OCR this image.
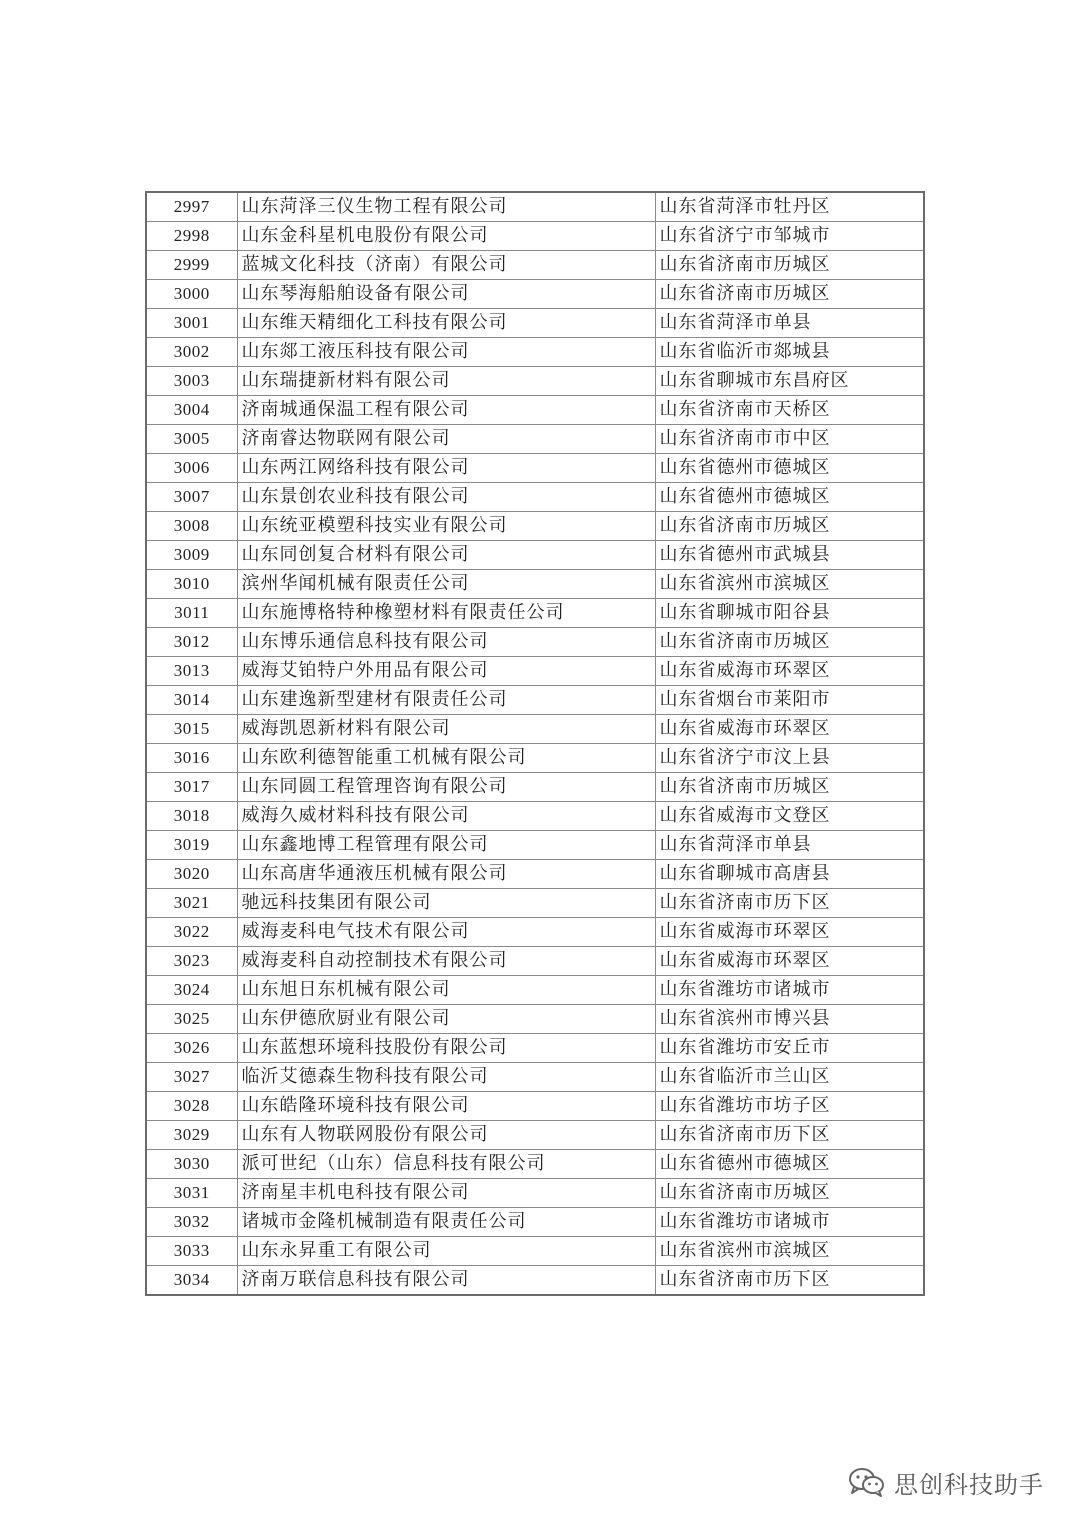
2997	山东菏泽三仪生物工程有限公司	山东省菏泽市牡丹区
2998	山东金科星机电股份有限公司	山东省济宁市邹城市
2999	蓝城文化科技（济南）有限公司	山东省济南市历城区
3000	山东琴海船舶设备有限公司	山东省济南市历城区
3001	山东维天精细化工科技有限公司	山东省菏泽市单县
3002	山东郯工液压科技有限公司	山东省临沂市郯城县
3003	山东瑞捷新材料有限公司	山东省聊城市东昌府区
3004	济南城通保温工程有限公司	山东省济南市天桥区
3005	济南睿达物联网有限公司	山东省济南市市中区
3006	山东两江网络科技有限公司	山东省德州市德城区
3007	山东景创农业科技有限公司	山东省德州市德城区
3008	山东统亚模塑科技实业有限公司	山东省济南市历城区
3009	山东同创复合材料有限公司	山东省德州市武城县
3010	滨州华闻机械有限责任公司	山东省滨州市滨城区
3011	山东施博格特种橡塑材料有限责任公司	山东省聊城市阳谷县
3012	山东博乐通信息科技有限公司	山东省济南市历城区
3013	威海艾铂特户外用品有限公司	山东省威海市环翠区
3014	山东建逸新型建材有限责任公司	山东省烟台市莱阳市
3015	威海凯恩新材料有限公司	山东省威海市环翠区
3016	山东欧利德智能重工机械有限公司	山东省济宁市汶上县
3017	山东同圆工程管理咨询有限公司	山东省济南市历城区
3018	威海久威材料科技有限公司	山东省威海市文登区
3019	山东鑫地博工程管理有限公司	山东省菏泽市单县
3020	山东高唐华通液压机械有限公司	山东省聊城市高唐县
3021	驰远科技集团有限公司	山东省济南市历下区
3022	威海麦科电气技术有限公司	山东省威海市环翠区
3023	威海麦科自动控制技术有限公司	山东省威海市环翠区
3024	山东旭日东机械有限公司	山东省潍坊市诸城市
3025	山东伊德欣厨业有限公司	山东省滨州市博兴县
3026	山东蓝想环境科技股份有限公司	山东省潍坊市安丘市
3027	临沂艾德森生物科技有限公司	山东省临沂市兰山区
3028	山东皓隆环境科技有限公司	山东省潍坊市坊子区
3029	山东有人物联网股份有限公司	山东省济南市历下区
3030	派可世纪（山东）信息科技有限公司	山东省德州市德城区
3031	济南星丰机电科技有限公司	山东省济南市历城区
3032	诸城市金隆机械制造有限责任公司	山东省潍坊市诸城市
3033	山东永昇重工有限公司	山东省滨州市滨城区
3034	济南万联信息科技有限公司	山东省济南市历下区
思创科技助手
